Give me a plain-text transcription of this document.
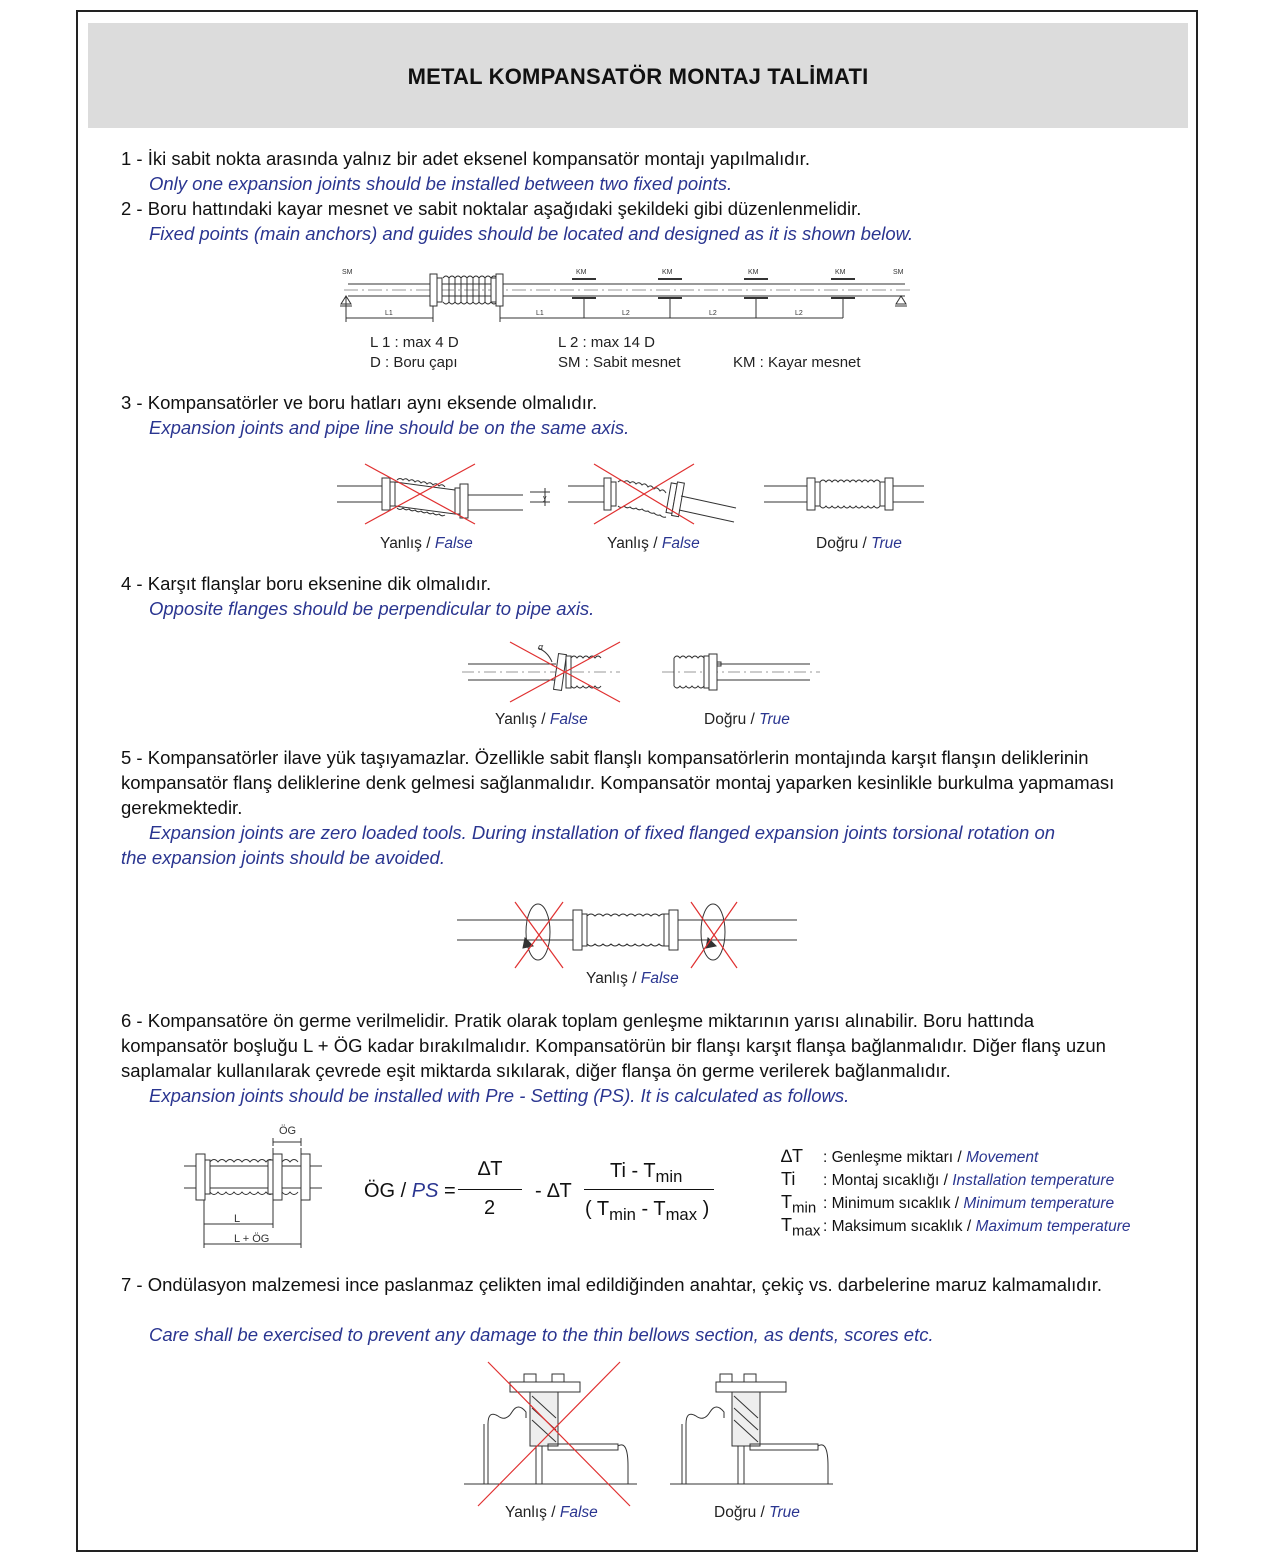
METAL KOMPANSATÖR MONTAJ TALİMATI
1 - İki sabit nokta arasında yalnız bir adet eksenel kompansatör montajı yapılmalıdır.
Only one expansion joints should be installed between two fixed points.
2 - Boru hattındaki kayar mesnet ve sabit noktalar aşağıdaki şekildeki gibi düzenlenmelidir.
Fixed points (main anchors) and guides should be located and designed as it is shown below.
SM	SM
KM	KM	KM	KM
L1	L1	L2	L2	L2
L 1 : max 4 D	L 2 : max 14 D
D : Boru çapı	SM : Sabit mesnet	KM : Kayar mesnet
3 - Kompansatörler ve boru hatları aynı eksende olmalıdır.
Expansion joints and pipe line should be on the same axis.
y
Yanlış / False	Yanlış / False	Doğru / True
4 - Karşıt flanşlar boru eksenine dik olmalıdır.
Opposite flanges should be perpendicular to pipe axis.
α
Yanlış / False	Doğru / True
5 - Kompansatörler ilave yük taşıyamazlar. Özellikle sabit flanşlı kompansatörlerin montajında karşıt flanşın deliklerinin kompansatör flanş deliklerine denk gelmesi sağlanmalıdır. Kompansatör montaj yaparken kesinlikle burkulma yapmaması gerekmektedir.
Expansion joints are zero loaded tools. During installation of fixed flanged expansion joints torsional rotation on
the expansion joints should be avoided.
Yanlış / False
6 - Kompansatöre ön germe verilmelidir. Pratik olarak toplam genleşme miktarının yarısı alınabilir. Boru hattında kompansatör boşluğu L + ÖG kadar bırakılmalıdır. Kompansatörün bir flanşı karşıt flanşa bağlanmalıdır. Diğer flanş uzun saplamalar kullanılarak çevrede eşit miktarda sıkılarak, diğer flanşa ön germe verilerek bağlanmalıdır.
Expansion joints should be installed with Pre - Setting (PS). It is calculated as follows.
ÖG
L
L + ÖG
ÖG / PS =
∆T
2
- ∆T
Ti - $T_{min}$
( $T_{min} - T_{max}$ )
∆T : Genleşme miktarı / Movement
Ti : Montaj sıcaklığı / Installation temperature
$T_{min}$ : Minimum sıcaklık / Minimum temperature
$T_{max}$ : Maksimum sıcaklık / Maximum temperature
7 - Ondülasyon malzemesi ince paslanmaz çelikten imal edildiğinden anahtar, çekiç vs. darbelerine maruz kalmamalıdır.
Care shall be exercised to prevent any damage to the thin bellows section, as dents, scores etc.
Yanlış / False	Doğru / True
